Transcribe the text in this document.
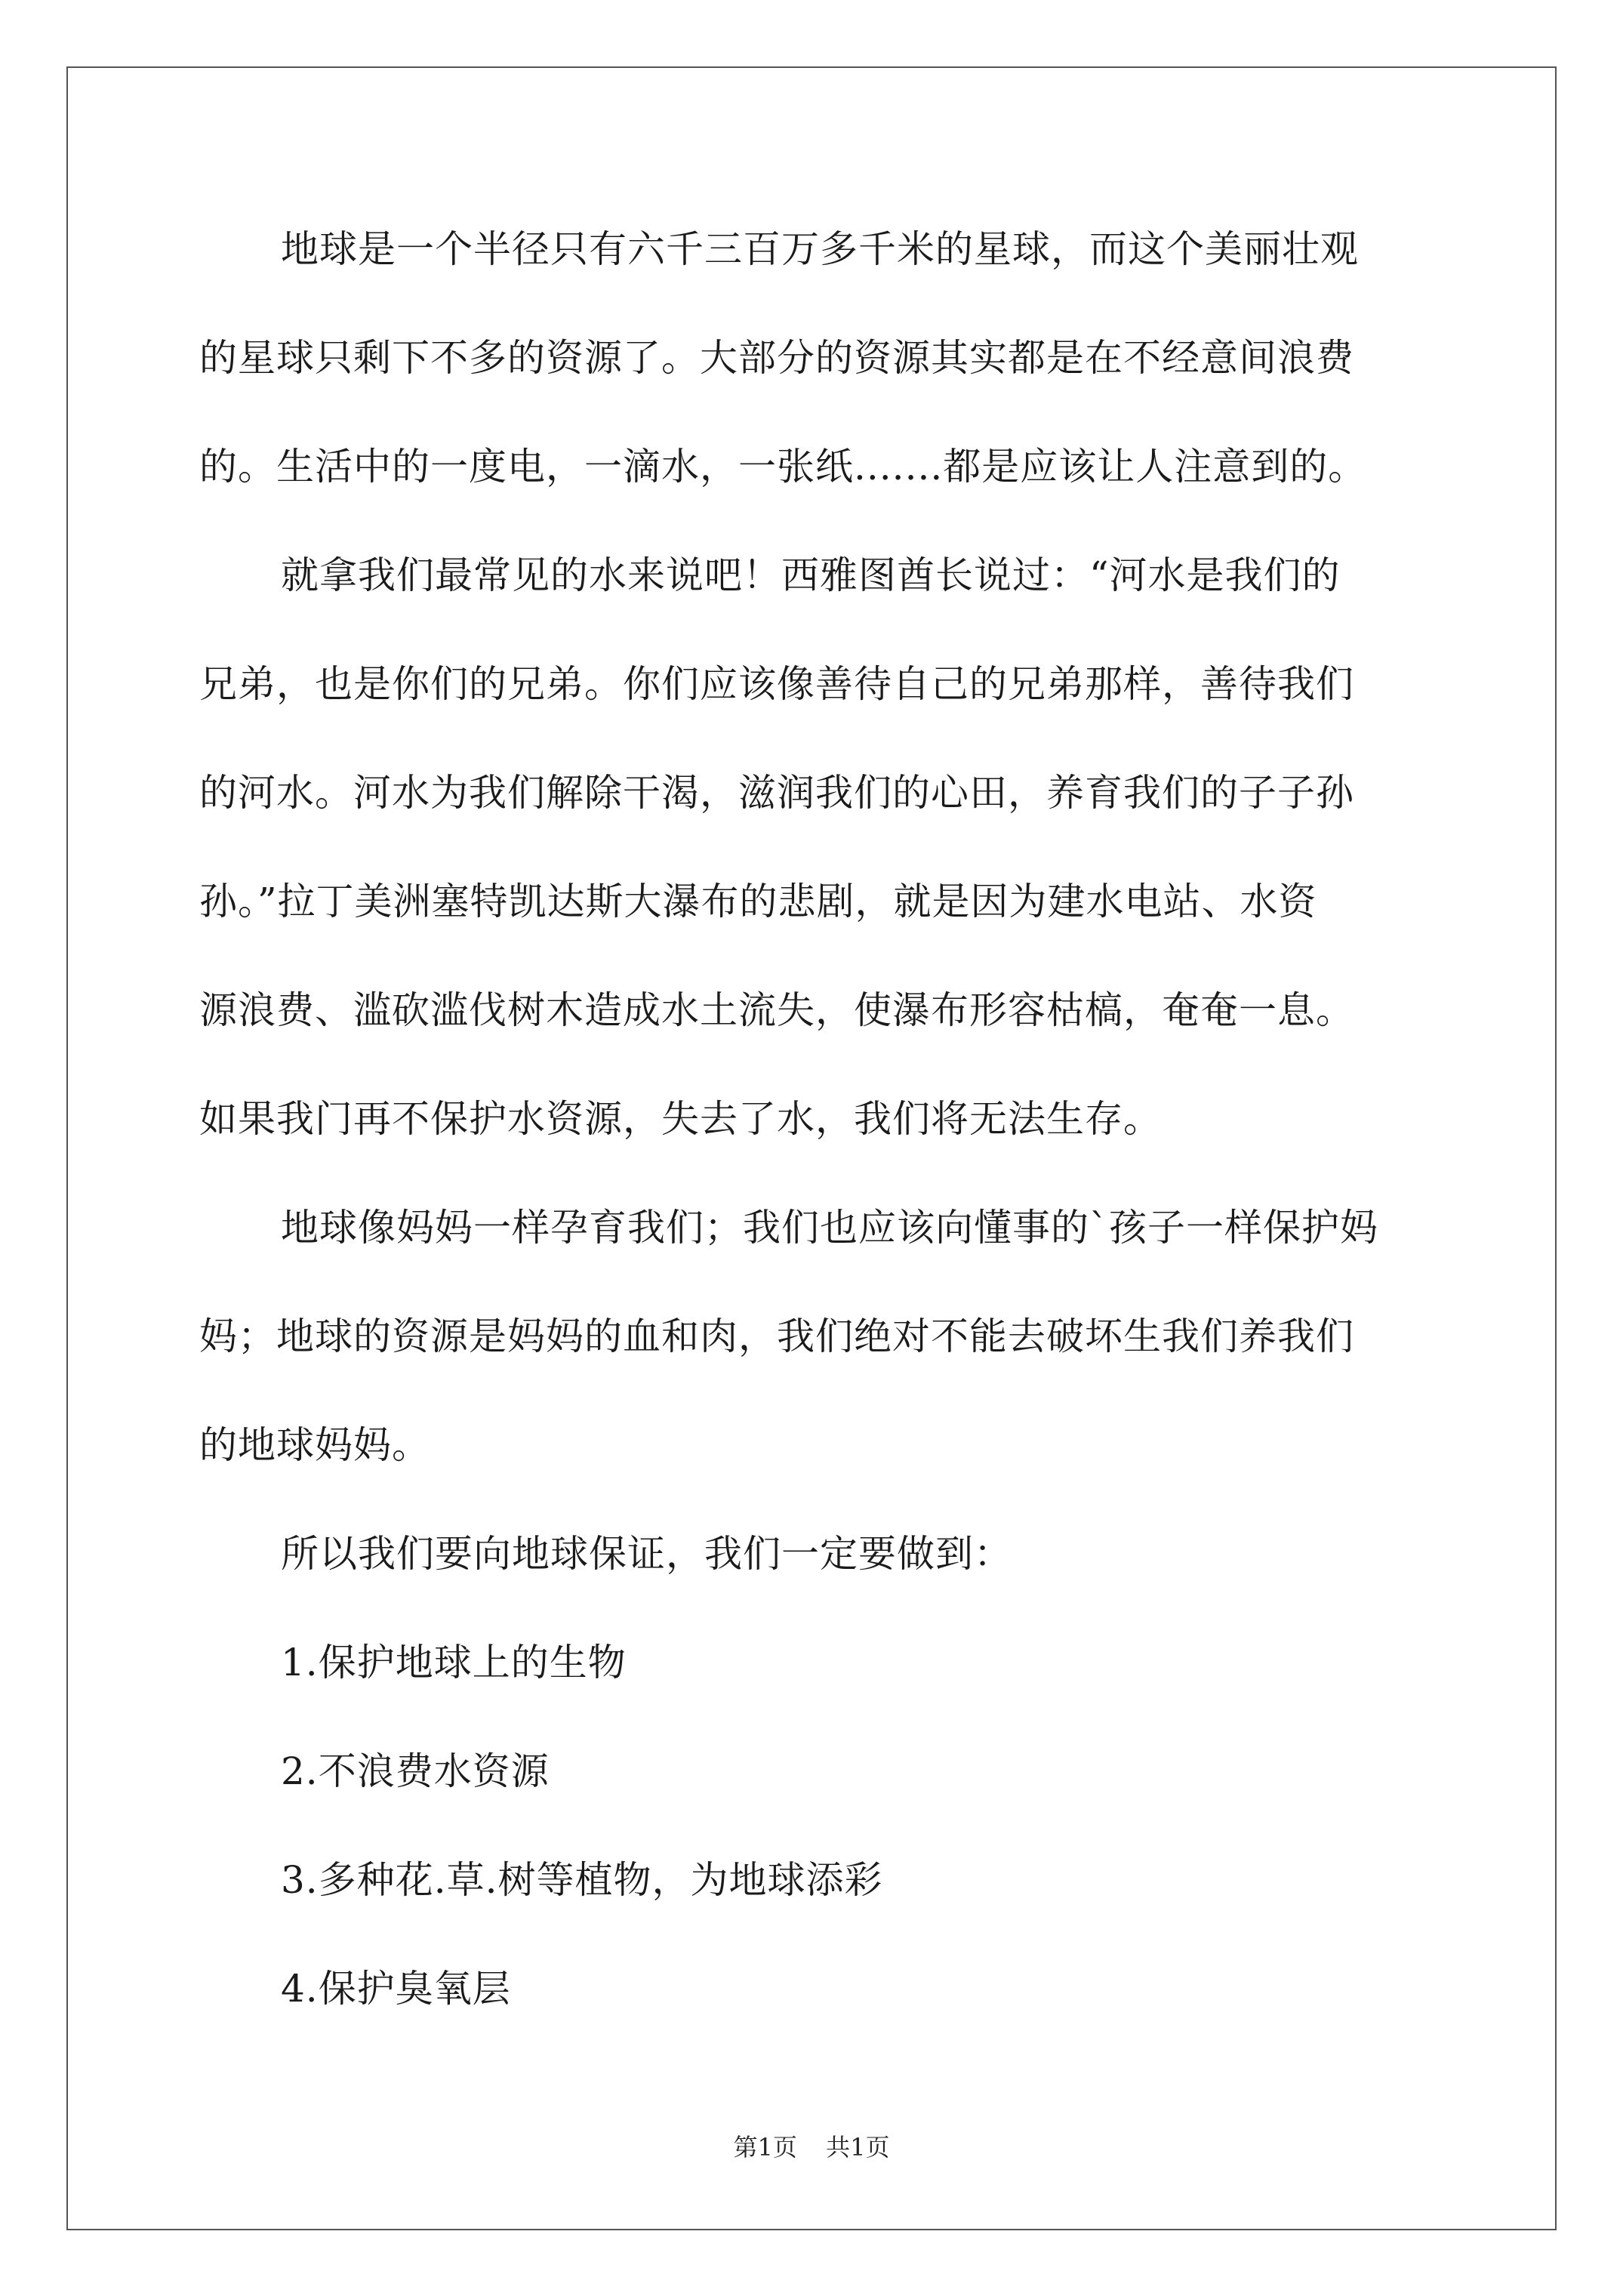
地球是一个半径只有六千三百万多千米的星球，而这个美丽壮观
的星球只剩下不多的资源了。大部分的资源其实都是在不经意间浪费
的。生活中的一度电，一滴水，一张纸.......都是应该让人注意到的。
就拿我们最常见的水来说吧！西雅图酋长说过：“河水是我们的
兄弟，也是你们的兄弟。你们应该像善待自己的兄弟那样，善待我们
的河水。河水为我们解除干渴，滋润我们的心田，养育我们的子子孙
孙。”拉丁美洲塞特凯达斯大瀑布的悲剧，就是因为建水电站、水资
源浪费、滥砍滥伐树木造成水土流失，使瀑布形容枯槁，奄奄一息。
如果我门再不保护水资源，失去了水，我们将无法生存。
地球像妈妈一样孕育我们；我们也应该向懂事的`孩子一样保护妈
妈；地球的资源是妈妈的血和肉，我们绝对不能去破坏生我们养我们
的地球妈妈。
所以我们要向地球保证，我们一定要做到：
1.保护地球上的生物
2.不浪费水资源
3.多种花.草.树等植物，为地球添彩
4.保护臭氧层
第1页 共1页
